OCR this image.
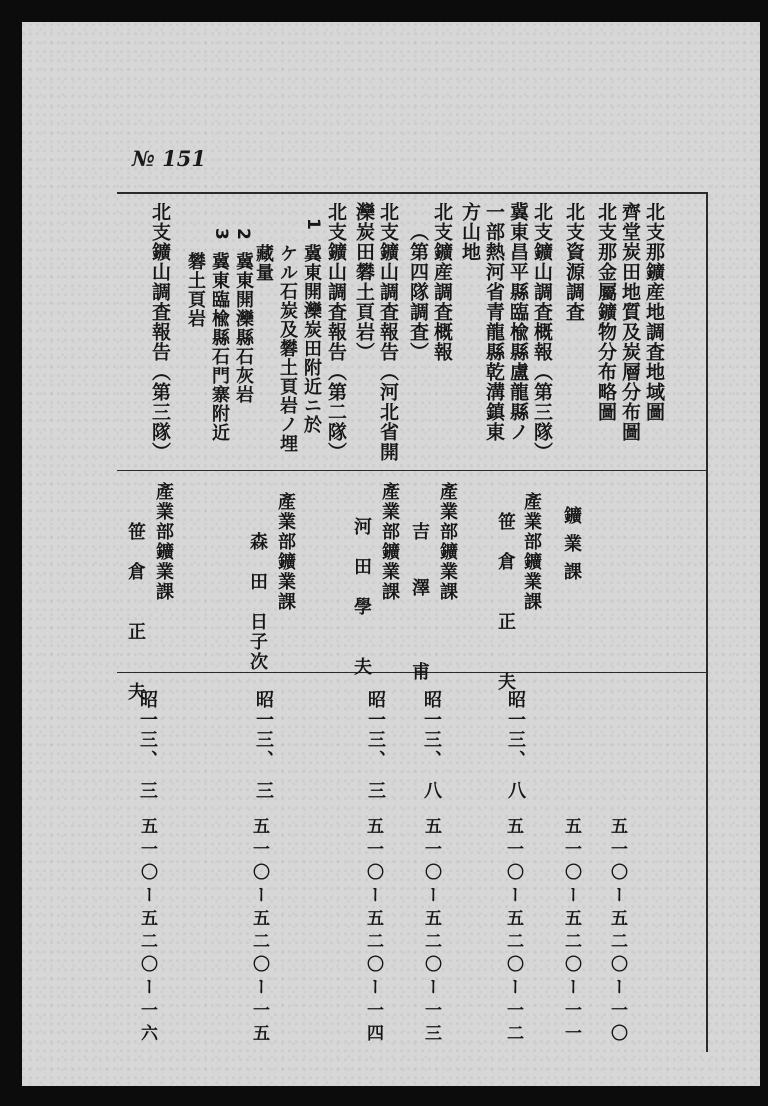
№ 151
北支那鑛産地調査地域圖
齊堂炭田地質及炭層分布圖
北支那金屬鑛物分布略圖
五一〇ー五二〇ー一〇
北支資源調査
鑛業課
五一〇ー五二〇ー一一
北支鑛山調査概報（第三隊）
冀東昌平縣臨楡縣盧龍縣ノ
一部熱河省青龍縣乾溝鎮東
方山地
產業部鑛業課
笹　倉　　正　　夫
昭一三、　八
五一〇ー五二〇ー一二
北支鑛産調査概報
（第四隊調査）
產業部鑛業課
吉　澤　　甫
昭一三、　八
五一〇ー五二〇ー一三
北支鑛山調査報告（河北省開
灤炭田礬土頁岩）
產業部鑛業課
河　田　學　　夫
昭一三、　三
五一〇ー五二〇ー一四
北支鑛山調査報告（第二隊）
1
冀東開灤炭田附近ニ於
ケル石炭及礬土頁岩ノ埋
藏量
2
冀東開灤縣石灰岩
3
冀東臨楡縣石門寨附近
礬土頁岩
產業部鑛業課
森　田　日子次
昭一三、　三
五一〇ー五二〇ー一五
北支鑛山調査報告（第三隊）
產業部鑛業課
笹　倉　　正　　夫
昭一三、　三
五一〇ー五二〇ー一六
